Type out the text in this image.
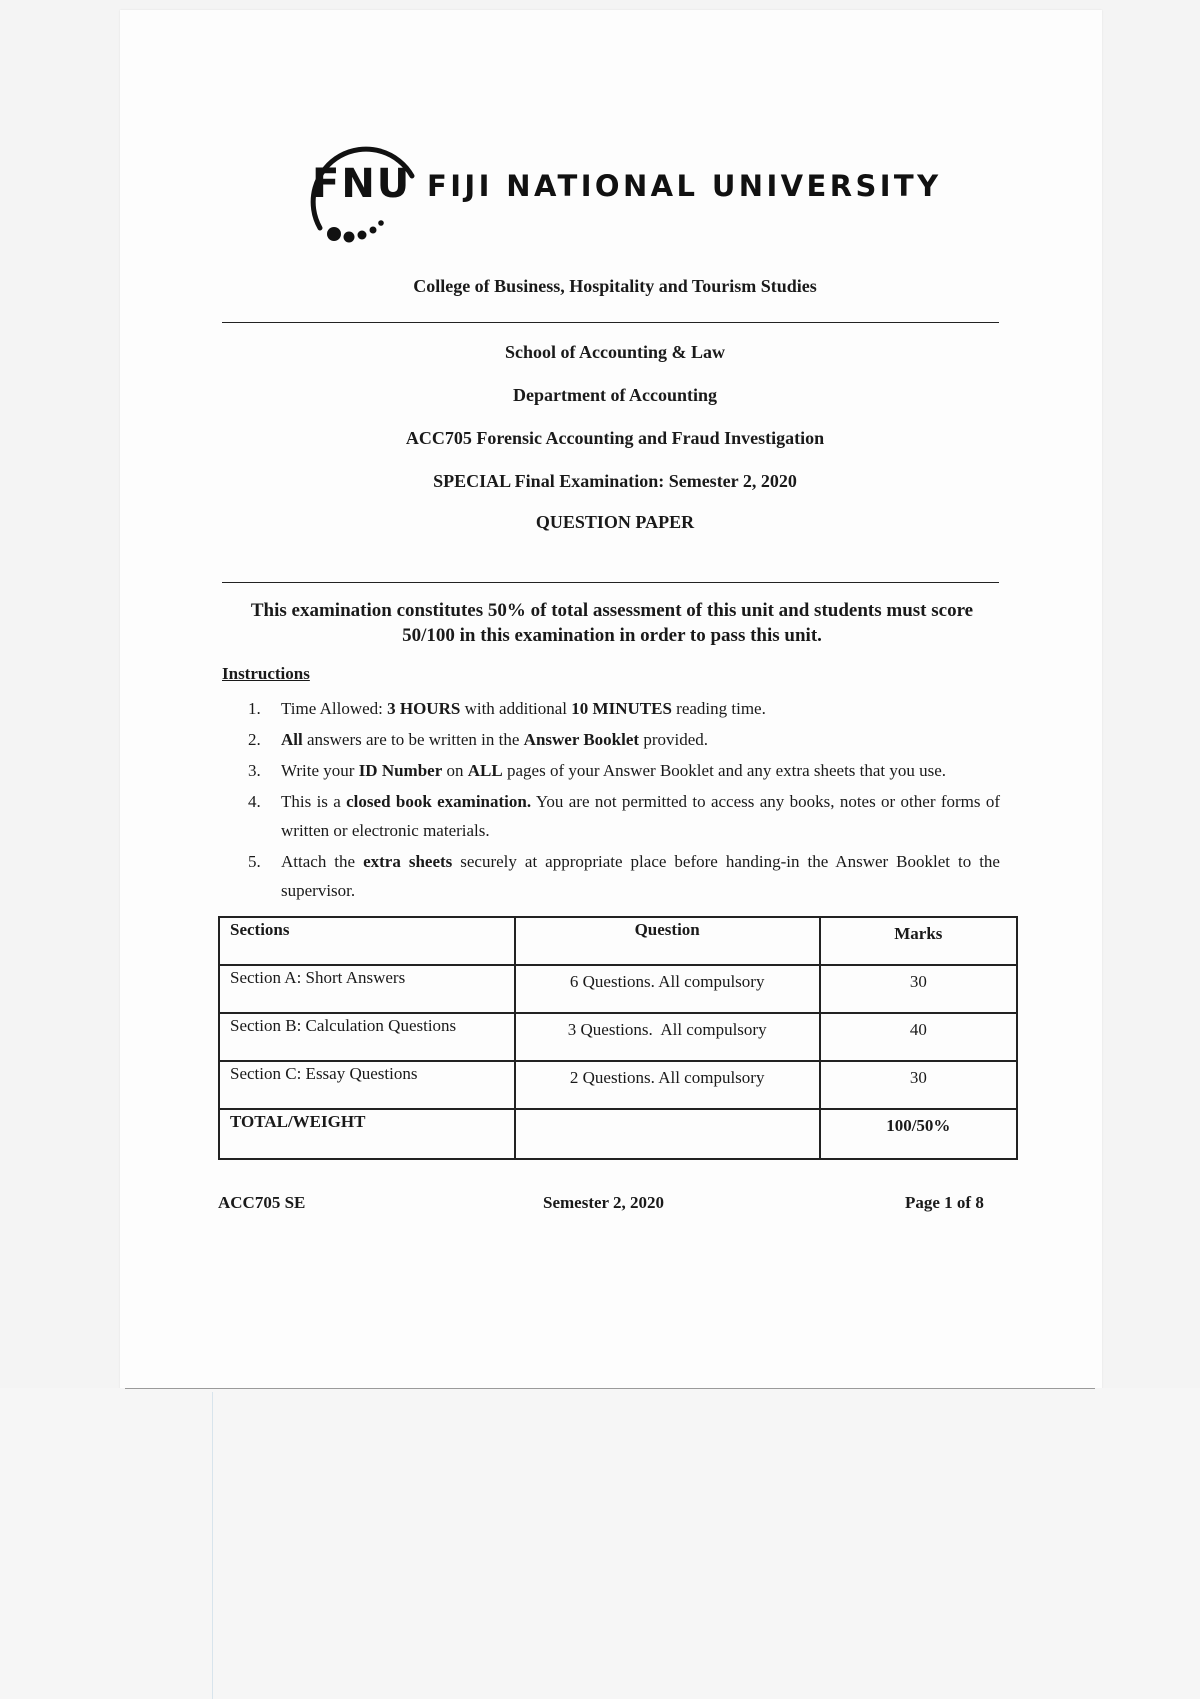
FNU FIJI NATIONAL UNIVERSITY
College of Business, Hospitality and Tourism Studies
School of Accounting & Law
Department of Accounting
ACC705 Forensic Accounting and Fraud Investigation
SPECIAL Final Examination: Semester 2, 2020
QUESTION PAPER
This examination constitutes 50% of total assessment of this unit and students must score
50/100 in this examination in order to pass this unit.
Instructions
1. Time Allowed: 3 HOURS with additional 10 MINUTES reading time.
2. All answers are to be written in the Answer Booklet provided.
3. Write your ID Number on ALL pages of your Answer Booklet and any extra sheets that you use.
4. This is a closed book examination. You are not permitted to access any books, notes or other forms of written or electronic materials.
5. Attach the extra sheets securely at appropriate place before handing-in the Answer Booklet to the supervisor.
Sections	Question	Marks
Section A: Short Answers	6 Questions. All compulsory	30
Section B: Calculation Questions	3 Questions.  All compulsory	40
Section C: Essay Questions	2 Questions. All compulsory	30
TOTAL/WEIGHT		100/50%
ACC705 SE	Semester 2, 2020	Page 1 of 8
